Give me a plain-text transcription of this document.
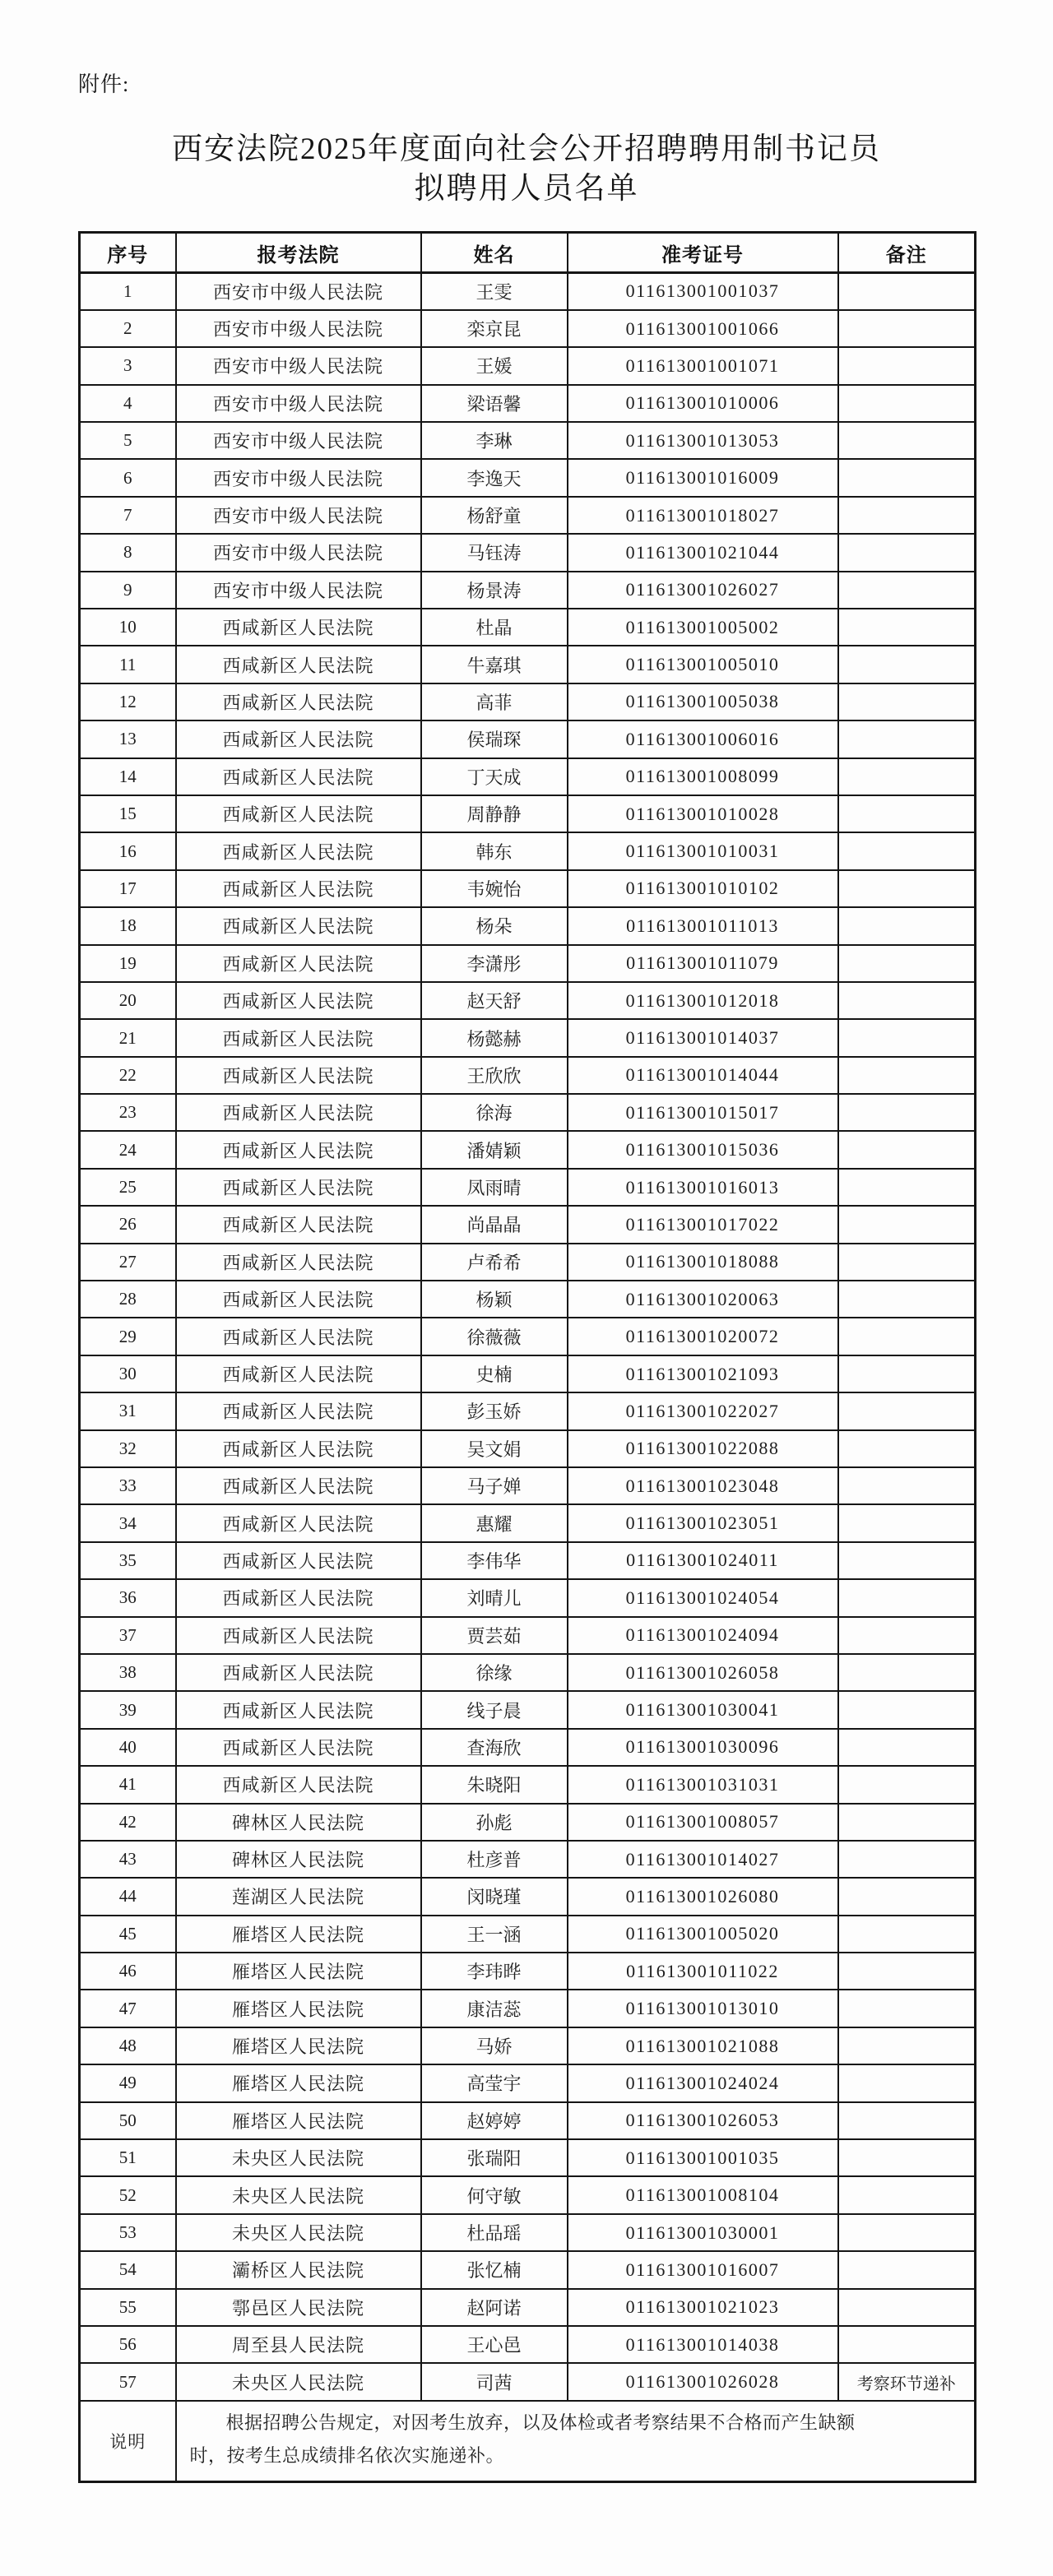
附件:
西安法院2025年度面向社会公开招聘聘用制书记员
拟聘用人员名单
序号	报考法院	姓名	准考证号	备注
1	西安市中级人民法院	王雯	011613001001037	
2	西安市中级人民法院	栾京昆	011613001001066	
3	西安市中级人民法院	王媛	011613001001071	
4	西安市中级人民法院	梁语馨	011613001010006	
5	西安市中级人民法院	李琳	011613001013053	
6	西安市中级人民法院	李逸天	011613001016009	
7	西安市中级人民法院	杨舒童	011613001018027	
8	西安市中级人民法院	马钰涛	011613001021044	
9	西安市中级人民法院	杨景涛	011613001026027	
10	西咸新区人民法院	杜晶	011613001005002	
11	西咸新区人民法院	牛嘉琪	011613001005010	
12	西咸新区人民法院	高菲	011613001005038	
13	西咸新区人民法院	侯瑞琛	011613001006016	
14	西咸新区人民法院	丁天成	011613001008099	
15	西咸新区人民法院	周静静	011613001010028	
16	西咸新区人民法院	韩东	011613001010031	
17	西咸新区人民法院	韦婉怡	011613001010102	
18	西咸新区人民法院	杨朵	011613001011013	
19	西咸新区人民法院	李潇彤	011613001011079	
20	西咸新区人民法院	赵天舒	011613001012018	
21	西咸新区人民法院	杨懿赫	011613001014037	
22	西咸新区人民法院	王欣欣	011613001014044	
23	西咸新区人民法院	徐海	011613001015017	
24	西咸新区人民法院	潘婧颖	011613001015036	
25	西咸新区人民法院	凤雨晴	011613001016013	
26	西咸新区人民法院	尚晶晶	011613001017022	
27	西咸新区人民法院	卢希希	011613001018088	
28	西咸新区人民法院	杨颖	011613001020063	
29	西咸新区人民法院	徐薇薇	011613001020072	
30	西咸新区人民法院	史楠	011613001021093	
31	西咸新区人民法院	彭玉娇	011613001022027	
32	西咸新区人民法院	吴文娟	011613001022088	
33	西咸新区人民法院	马子婵	011613001023048	
34	西咸新区人民法院	惠耀	011613001023051	
35	西咸新区人民法院	李伟华	011613001024011	
36	西咸新区人民法院	刘晴儿	011613001024054	
37	西咸新区人民法院	贾芸茹	011613001024094	
38	西咸新区人民法院	徐缘	011613001026058	
39	西咸新区人民法院	线子晨	011613001030041	
40	西咸新区人民法院	查海欣	011613001030096	
41	西咸新区人民法院	朱晓阳	011613001031031	
42	碑林区人民法院	孙彪	011613001008057	
43	碑林区人民法院	杜彦普	011613001014027	
44	莲湖区人民法院	闵晓瑾	011613001026080	
45	雁塔区人民法院	王一涵	011613001005020	
46	雁塔区人民法院	李玮晔	011613001011022	
47	雁塔区人民法院	康洁蕊	011613001013010	
48	雁塔区人民法院	马娇	011613001021088	
49	雁塔区人民法院	高莹宇	011613001024024	
50	雁塔区人民法院	赵婷婷	011613001026053	
51	未央区人民法院	张瑞阳	011613001001035	
52	未央区人民法院	何守敏	011613001008104	
53	未央区人民法院	杜品瑶	011613001030001	
54	灞桥区人民法院	张忆楠	011613001016007	
55	鄠邑区人民法院	赵阿诺	011613001021023	
56	周至县人民法院	王心邑	011613001014038	
57	未央区人民法院	司茜	011613001026028	考察环节递补
说明	根据招聘公告规定，对因考生放弃，以及体检或者考察结果不合格而产生缺额时，按考生总成绩排名依次实施递补。			
